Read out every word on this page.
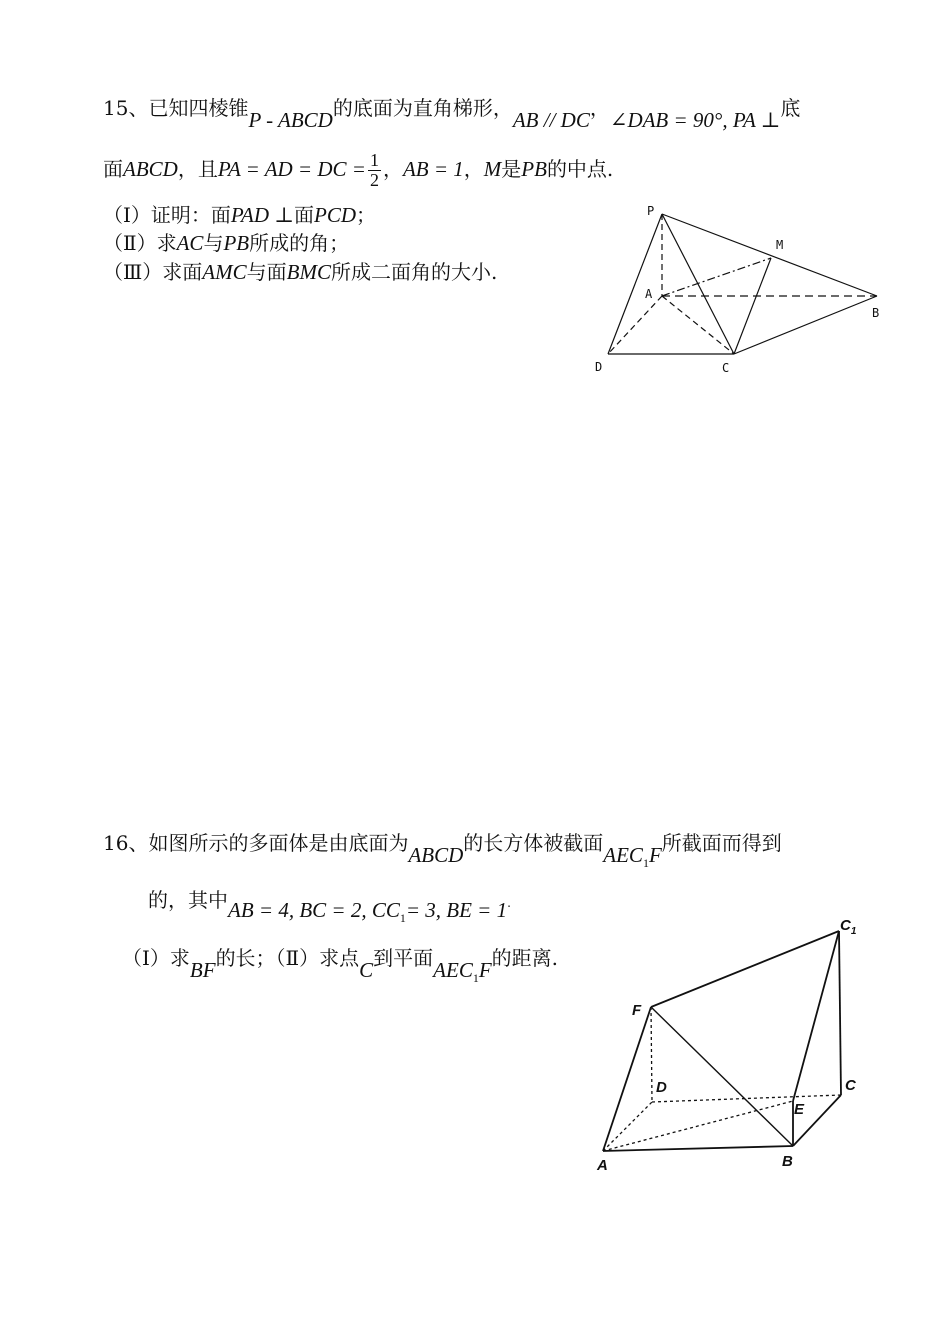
15、已知四棱锥P - ABCD的底面为直角梯形，AB // DC，∠DAB = 90°, PA ⊥底
面ABCD，且PA = AD = DC = $\frac{1}{2}$ ，AB = 1，M是PB的中点.
（Ⅰ）证明：面PAD ⊥面PCD；
（Ⅱ）求AC与PB所成的角；
（Ⅲ）求面AMC与面BMC所成二面角的大小.
16、如图所示的多面体是由底面为ABCD的长方体被截面$AEC_1F$所截面而得到
的，其中AB = 4, BC = 2, $CC_1= 3$, BE = 1.
（Ⅰ）求BF的长；（Ⅱ）求点C到平面$AEC_1F$的距离.
P
M
A
B
D	C
$C_1$
F
D	C
E
A	B
